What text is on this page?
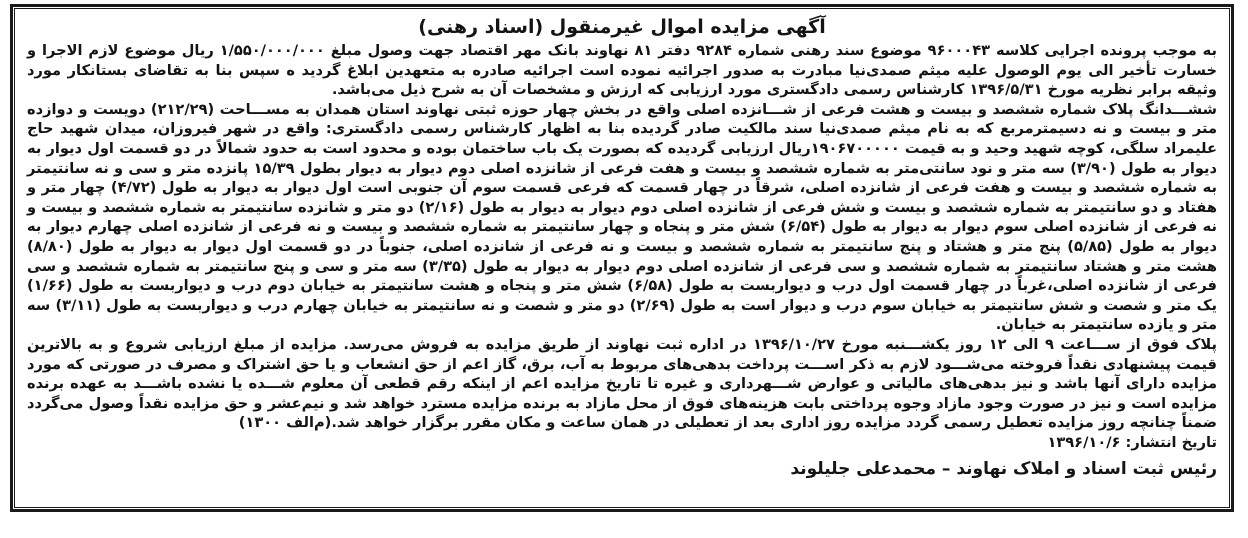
آگهی مزایده اموال غیرمنقول (اسناد رهنی)

به موجب پرونده اجرایی کلاسه ۹۶۰۰۰۴۳ موضوع سند رهنی شماره ۹۲۸۴ دفتر ۸۱ نهاوند بانک مهر اقتصاد جهت وصول مبلغ ۱/۵۵۰/۰۰۰/۰۰۰ ریال موضوع لازم الاجرا و خسارت تأخیر الی یوم الوصول علیه میثم صمدی‌نیا مبادرت به صدور اجرائیه نموده است اجرائیه صادره به متعهدین ابلاغ گردید ه سپس بنا به تقاضای بستانکار مورد وثیقه برابر نظریه مورخ ۱۳۹۶/۵/۳۱ کارشناس رسمی دادگستری مورد ارزیابی که ارزش و مشخصات آن به شرح ذیل می‌باشد.

ششـــدانگ پلاک شماره ششصد و بیست و هشت فرعی از شـــانزده اصلی واقع در بخش چهار حوزه ثبتی نهاوند استان همدان به مســـاحت (۲۱۲/۲۹) دویست و دوازده متر و بیست و نه دسیمترمربع که به نام میثم صمدی‌نیا سند مالکیت صادر گردیده بنا به اظهار کارشناس رسمی دادگستری: واقع در شهر فیروزان، میدان شهید حاج علیمراد سلگی، کوچه شهید وحید و به قیمت ۱۹۰۶۷۰۰۰۰۰ریال ارزیابی گردیده که بصورت یک باب ساختمان بوده و محدود است به حدود شمالاً در دو قسمت اول دیوار به دیوار به طول (۳/۹۰) سه متر و نود سانتی‌متر به شماره ششصد و بیست و هفت فرعی از شانزده اصلی دوم دیوار به دیوار بطول ۱۵/۳۹ پانزده متر و سی و نه سانتیمتر به شماره ششصد و بیست و هفت فرعی از شانزده اصلی، شرقاً در چهار قسمت که فرعی قسمت سوم آن جنوبی است اول دیوار به دیوار به طول (۴/۷۲) چهار متر و هفتاد و دو سانتیمتر به شماره ششصد و بیست و شش فرعی از شانزده اصلی دوم دیوار به دیوار به طول (۲/۱۶) دو متر و شانزده سانتیمتر به شماره ششصد و بیست و نه فرعی از شانزده اصلی سوم دیوار به دیوار به طول (۶/۵۴) شش متر و پنجاه و چهار سانتیمتر به شماره ششصد و بیست و نه فرعی از شانزده اصلی چهارم دیوار به دیوار به طول (۵/۸۵) پنج متر و هشتاد و پنج سانتیمتر به شماره ششصد و بیست و نه فرعی از شانزده اصلی، جنوباً در دو قسمت اول دیوار به دیوار به طول (۸/۸۰) هشت متر و هشتاد سانتیمتر به شماره ششصد و سی فرعی از شانزده اصلی دوم دیوار به دیوار به طول (۳/۳۵) سه متر و سی و پنج سانتیمتر به شماره ششصد و سی فرعی از شانزده اصلی،غرباً در چهار قسمت اول درب و دیواربست به طول (۶/۵۸) شش متر و پنجاه و هشت سانتیمتر به خیابان دوم درب و دیواربست به طول (۱/۶۶) یک متر و شصت و شش سانتیمتر به خیابان سوم درب و دیوار است به طول (۲/۶۹) دو متر و شصت و نه سانتیمتر به خیابان چهارم درب و دیواربست به طول (۳/۱۱) سه متر و یازده سانتیمتر به خیابان.

پلاک فوق از ســـاعت ۹ الی ۱۲ روز یکشـــنبه مورخ ۱۳۹۶/۱۰/۲۷ در اداره ثبت نهاوند از طریق مزایده به فروش می‌رسد. مزایده از مبلغ ارزیابی شروع و به بالاترین قیمت پیشنهادی نقداً فروخته می‌شـــود لازم به ذکر اســـت پرداخت بدهی‌های مربوط به آب، برق، گاز اعم از حق انشعاب و یا حق اشتراک و مصرف در صورتی که مورد مزایده دارای آنها باشد و نیز بدهی‌های مالیاتی و عوارض شـــهرداری و غیره تا تاریخ مزایده اعم از اینکه رقم قطعی آن معلوم شـــده یا نشده باشـــد به عهده برنده مزایده است و نیز در صورت وجود مازاد وجوه پرداختی بابت هزینه‌های فوق از محل مازاد به برنده مزایده مسترد خواهد شد و نیم‌عشر و حق مزایده نقداً وصول می‌گردد ضمناً چنانچه روز مزایده تعطیل رسمی گردد مزایده روز اداری بعد از تعطیلی در همان ساعت و مکان مقرر برگزار خواهد شد.(م‌الف ۱۳۰۰)

تاریخ انتشار: ۱۳۹۶/۱۰/۶

رئیس ثبت اسناد و املاک نهاوند – محمدعلی جلیلوند
